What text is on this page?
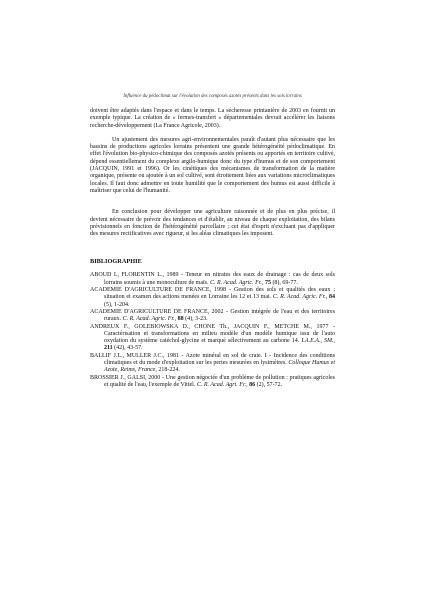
Influence du pédoclimat sur l'évolution des composés azotés présents dans les sols lorrains

doivent être adaptés dans l'espace et dans le temps. La sécheresse printanière de 2003 en fournit un exemple typique. La création de « fermes-transfert » départementales devrait accélérer les liaisons recherche-développement (La France Agricole, 2003).

Un ajustement des mesures agri-environnementales paraît d'autant plus nécessaire que les bassins de productions agricoles lorrains présentent une grande hétérogénéité pédoclimatique. En effet l'évolution bio-physico-chimique des composés azotés présents ou apportés en territoire cultivé, dépend essentiellement du complexe argilo-humique donc du type d'humus et de son comportement (JACQUIN, 1991 et 1996). Or les cinétiques des mécanismes de transformation de la matière organique, présente ou ajoutée à un sol cultivé, sont étroitement liées aux variations microclimatiques locales. Il faut donc admettre en toute humilité que le comportement des humus est aussi difficile à maîtriser que celui de l'humanité.

En conclusion pour développer une agriculture raisonnée et de plus en plus précise, il devient nécessaire de prévoir des tendances et d'établir, au niveau de chaque exploitation, des bilans prévisionnels en fonction de l'hétérogénéité parcellaire ; cet état d'esprit n'excluant pas d'appliquer des mesures rectificatives avec rigueur, si les aléas climatiques les imposent.

BIBLIOGRAPHIE

ABOUD I., FLORENTIN L., 1989 - Teneur en nitrates des eaux de drainage : cas de deux sols lorrains soumis à une monoculture de maïs. C. R. Acad. Agric. Fr., 75 (8), 69-77.

ACADEMIE D'AGRICULTURE DE FRANCE, 1998 - Gestion des sols et qualités des eaux ; situation et examen des actions menées en Lorraine les 12 et 13 mai. C. R. Acad. Agric. Fr., 84 (5), 1-204.

ACADEMIE D'AGRICULTURE DE FRANCE, 2002 - Gestion intégrée de l'eau et des territoires ruraux. C. R. Acad. Agric. Fr., 88 (4), 3-23.

ANDREUX F., GOLEBIOWSKA D., CHONE Th., JACQUIN F., METCHE M., 1977 - Caractérisation et transformations en milieu modèle d'un modèle humique issu de l'auto oxydation du système catéchol-glycine et marqué sélectivement au carbone 14. I.A.E.A., SM., 211 (42), 43-57.

BALLIF J.L., MULLER J.C., 1981 - Azote minéral en sol de craie. I - Incidence des conditions climatiques et du mode d'exploitation sur les pertes mesurées en lysimètres. Colloque Humus et Azote, Reims, France, 218-224.

BROSSIER J., GALSI, 2000 - Une gestion négociée d'un problème de pollution : pratiques agricoles et qualité de l'eau, l'exemple de Vittel. C. R. Acad. Agri. Fr., 86 (2), 57-72.
